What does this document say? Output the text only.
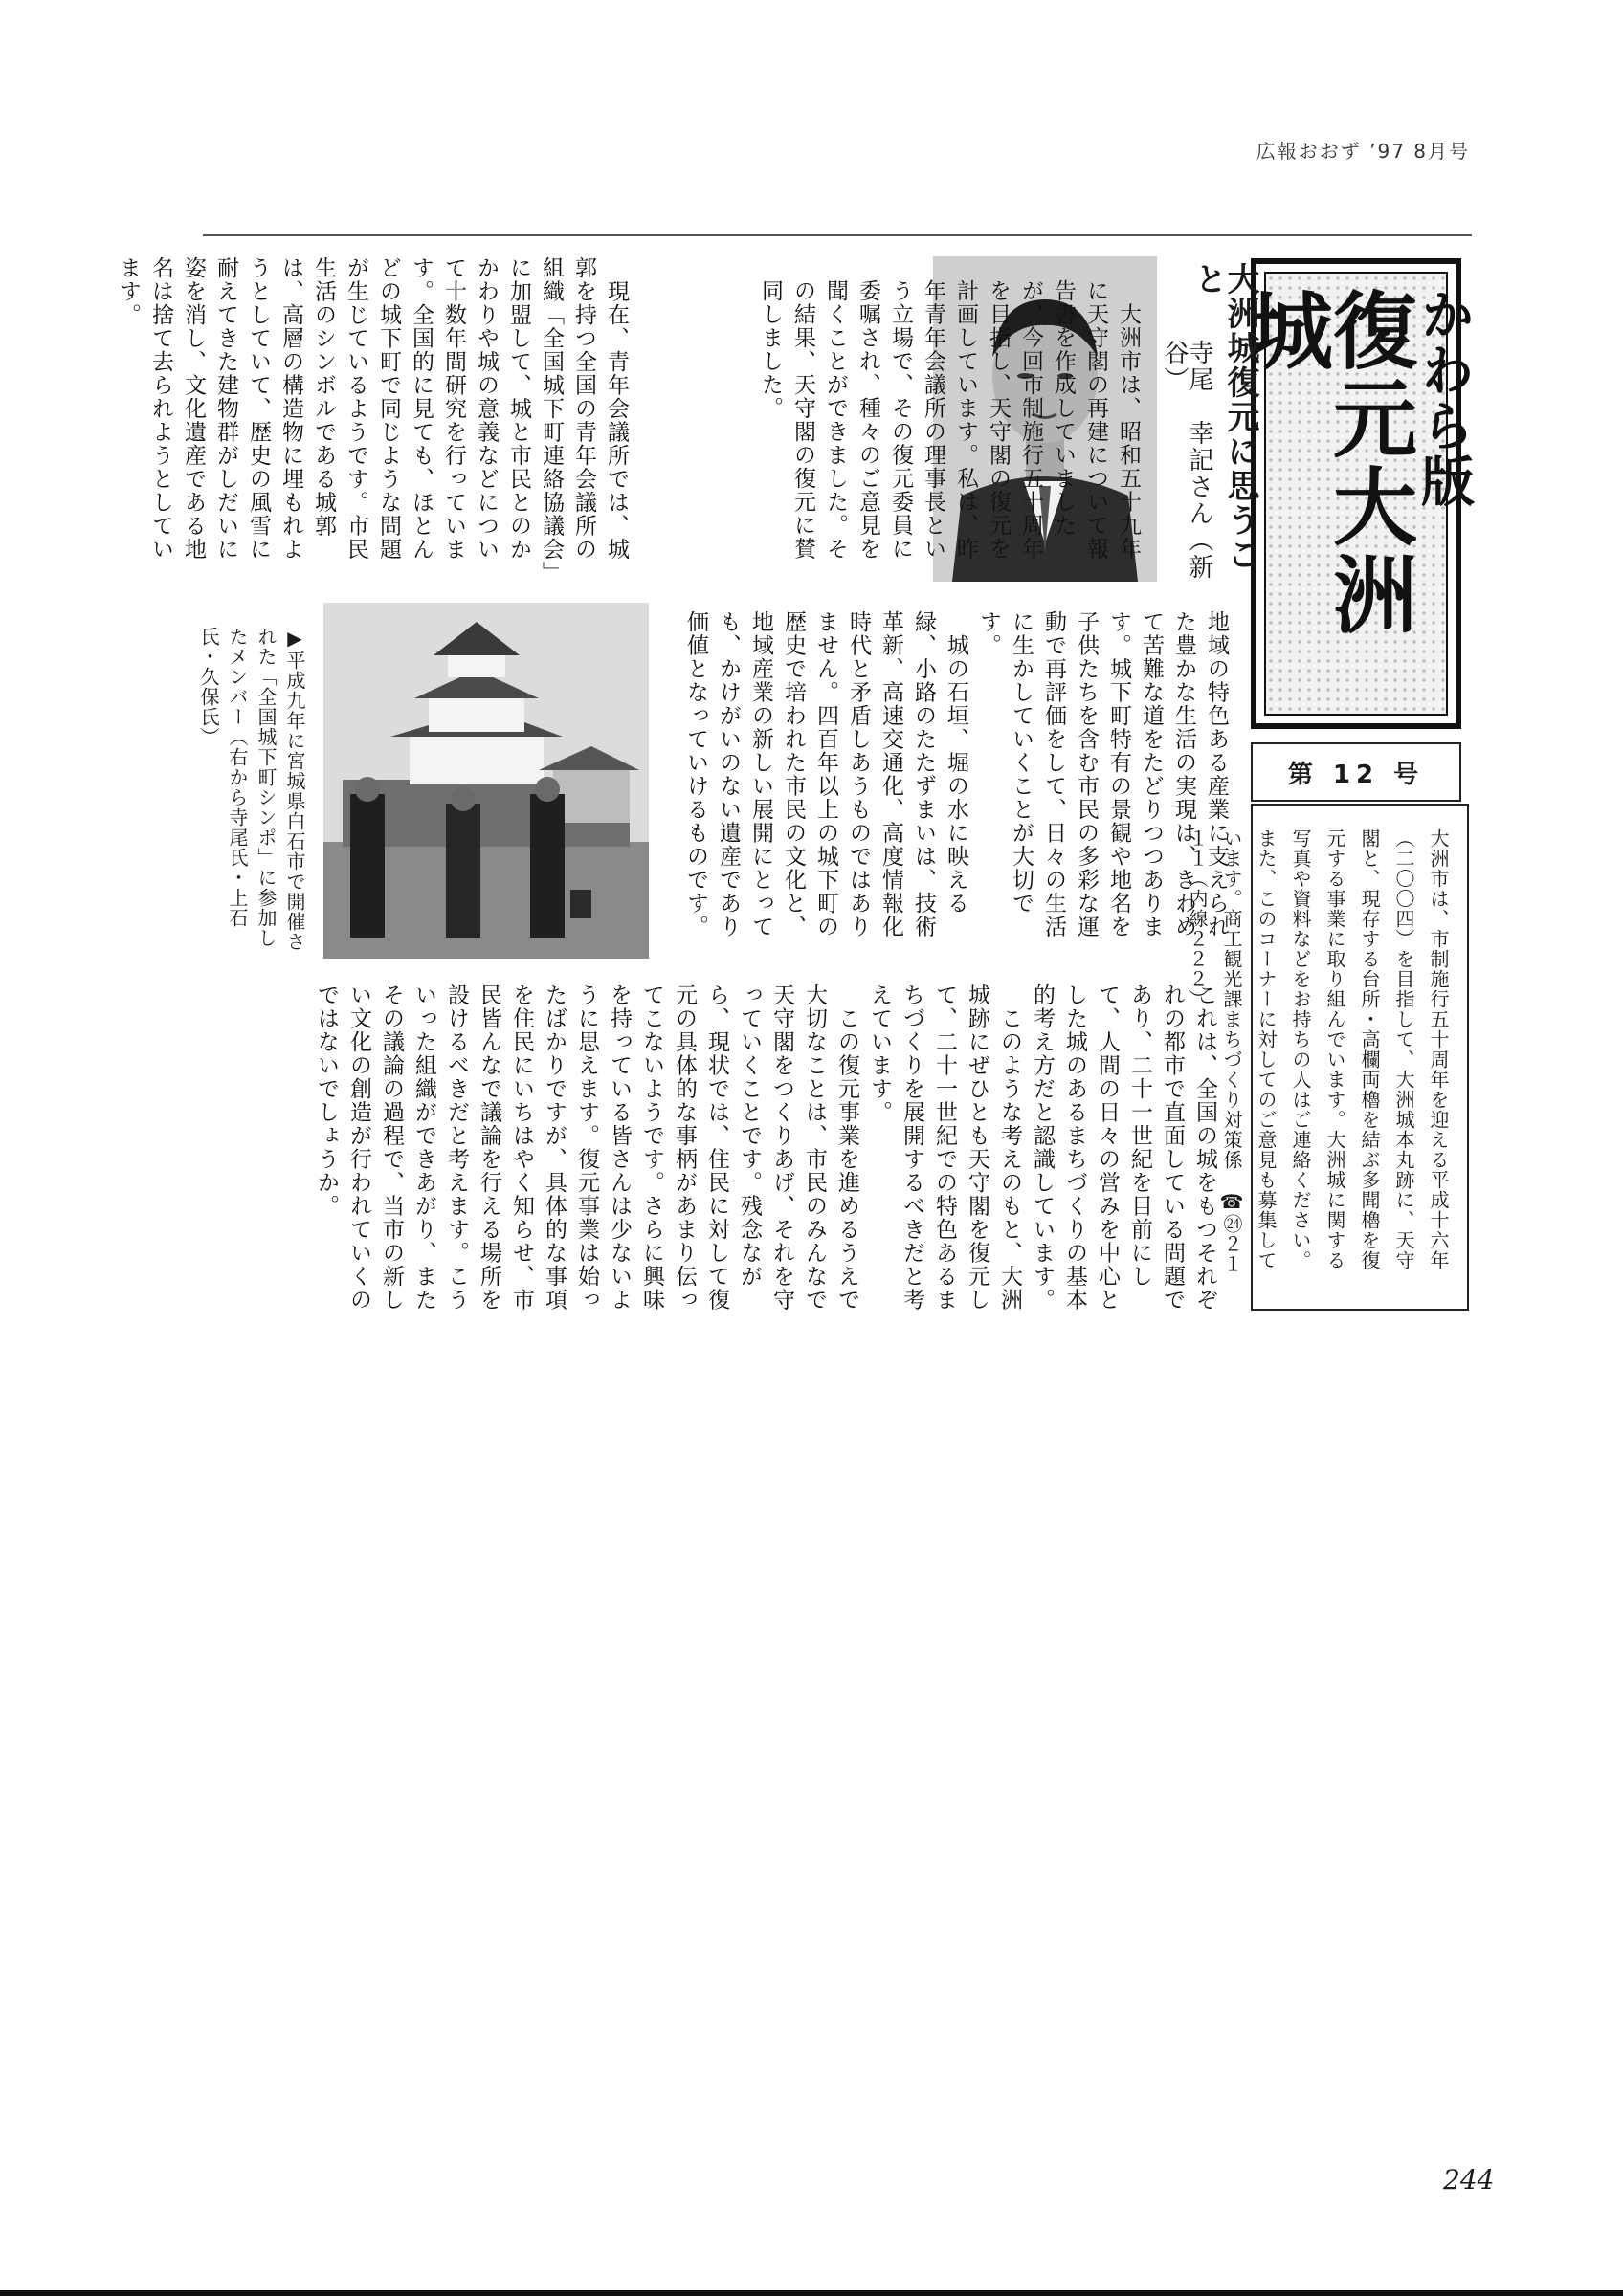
広報おおず ’97 8月号
かわら版
復元大洲城
第 12 号
大洲市は、市制施行五十周年を迎える平成十六年（二〇〇四）を目指して、大洲城本丸跡に、天守閣と、現存する台所・高欄両櫓を結ぶ多聞櫓を復元する事業に取り組んでいます。大洲城に関する写真や資料などをお持ちの人はご連絡ください。また、このコーナーに対してのご意見も募集しています。商工観光課まちづくり対策係　☎㉔２１１１（内線２２２）
大洲城復元に思うこと
寺尾　幸記さん（新谷）
　大洲市は、昭和五十九年に天守閣の再建について報告書を作成していましたが、今回市制施行五十周年を目指し、天守閣の復元を計画しています。私は、昨年青年会議所の理事長という立場で、その復元委員に委嘱され、種々のご意見を聞くことができました。その結果、天守閣の復元に賛同しました。
　現在、青年会議所では、城郭を持つ全国の青年会議所の組織「全国城下町連絡協議会」に加盟して、城と市民とのかかわりや城の意義などについて十数年間研究を行っています。全国的に見ても、ほとんどの城下町で同じような問題が生じているようです。市民生活のシンボルである城郭は、高層の構造物に埋もれようとしていて、歴史の風雪に耐えてきた建物群がしだいに姿を消し、文化遺産である地名は捨て去られようとしています。
地域の特色ある産業に支えられた豊かな生活の実現は、きわめて苦難な道をたどりつつあります。城下町特有の景観や地名を子供たちを含む市民の多彩な運動で再評価をして、日々の生活に生かしていくことが大切です。
　城の石垣、堀の水に映える緑、小路のたたずまいは、技術革新、高速交通化、高度情報化時代と矛盾しあうものではありません。四百年以上の城下町の歴史で培われた市民の文化と、地域産業の新しい展開にとっても、かけがいのない遺産であり価値となっていけるものです。
これは、全国の城をもつそれぞれの都市で直面している問題であり、二十一世紀を目前にして、人間の日々の営みを中心とした城のあるまちづくりの基本的考え方だと認識しています。
　このような考えのもと、大洲城跡にぜひとも天守閣を復元して、二十一世紀での特色あるまちづくりを展開するべきだと考えています。
　この復元事業を進めるうえで大切なことは、市民のみんなで天守閣をつくりあげ、それを守っていくことです。残念ながら、現状では、住民に対して復元の具体的な事柄があまり伝ってこないようです。さらに興味を持っている皆さんは少ないように思えます。復元事業は始ったばかりですが、具体的な事項を住民にいちはやく知らせ、市民皆んなで議論を行える場所を設けるべきだと考えます。こういった組織ができあがり、またその議論の過程で、当市の新しい文化の創造が行われていくのではないでしょうか。
▶平成九年に宮城県白石市で開催された「全国城下町シンポ」に参加したメンバー（右から寺尾氏・上石氏・久保氏）
244
